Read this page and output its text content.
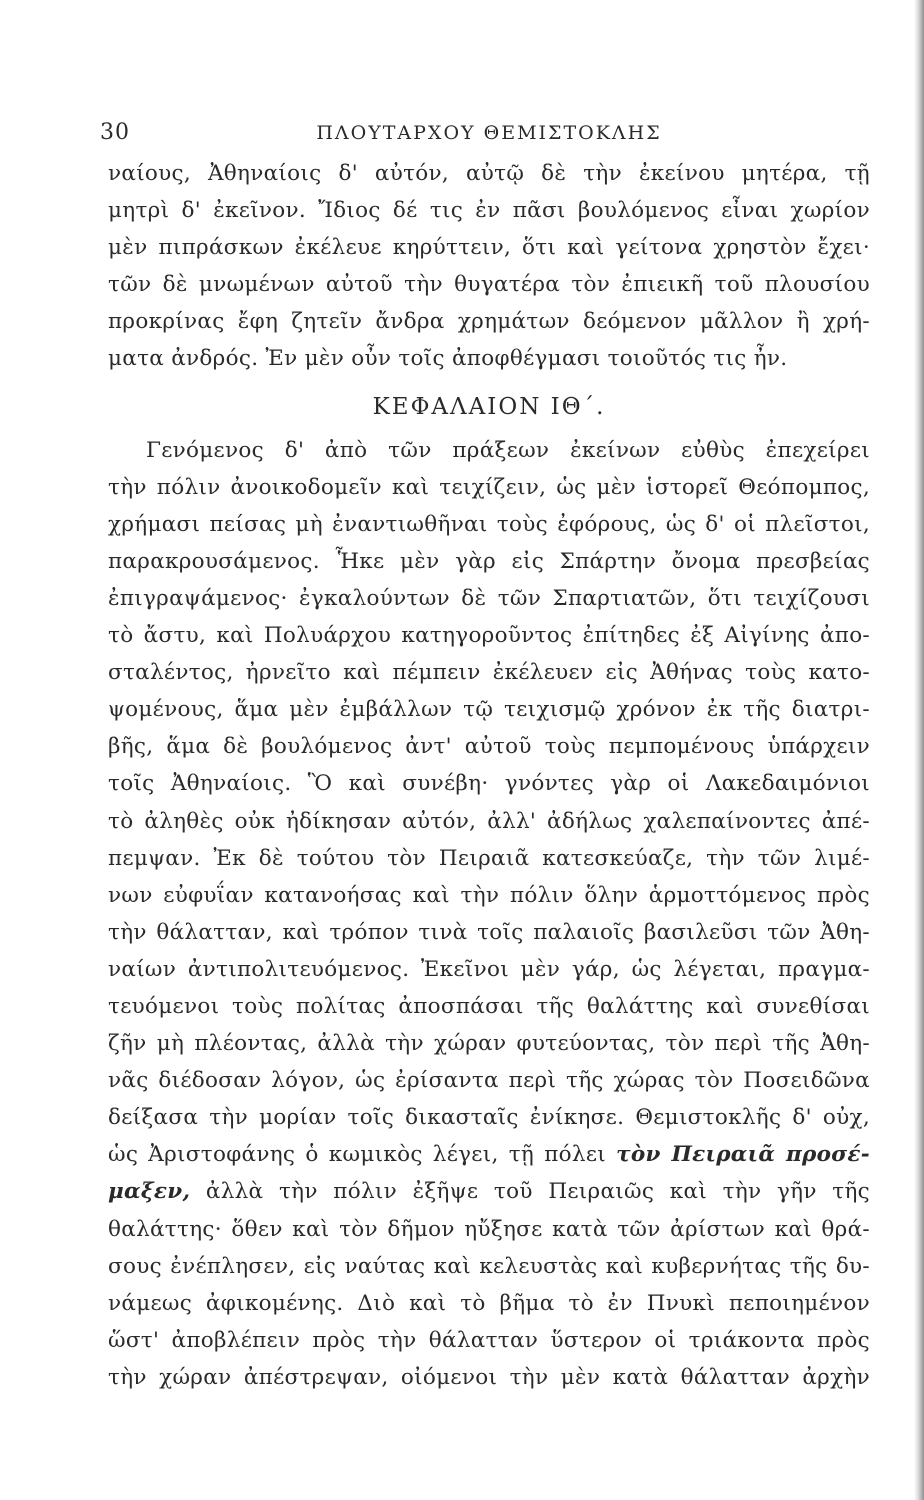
30	ΠΛΟΥΤΑΡΧΟΥ ΘΕΜΙΣΤΟΚΛΗΣ
ναίους, Ἀθηναίοις δ' αὐτόν, αὐτῷ δὲ τὴν ἐκείνου μητέρα, τῇ
μητρὶ δ' ἐκεῖνον. Ἴδιος δέ τις ἐν πᾶσι βουλόμενος εἶναι χωρίον
μὲν πιπράσκων ἐκέλευε κηρύττειν, ὅτι καὶ γείτονα χρηστὸν ἔχει·
τῶν δὲ μνωμένων αὐτοῦ τὴν θυγατέρα τὸν ἐπιεικῆ τοῦ πλουσίου
προκρίνας ἔφη ζητεῖν ἄνδρα χρημάτων δεόμενον μᾶλλον ἢ χρή-
ματα ἀνδρός. Ἐν μὲν οὖν τοῖς ἀποφθέγμασι τοιοῦτός τις ἦν.
ΚΕΦΑΛΑΙΟΝ ΙΘ΄.
Γενόμενος δ' ἀπὸ τῶν πράξεων ἐκείνων εὐθὺς ἐπεχείρει
τὴν πόλιν ἀνοικοδομεῖν καὶ τειχίζειν, ὡς μὲν ἱστορεῖ Θεόπομπος,
χρήμασι πείσας μὴ ἐναντιωθῆναι τοὺς ἐφόρους, ὡς δ' οἱ πλεῖστοι,
παρακρουσάμενος. Ἧκε μὲν γὰρ εἰς Σπάρτην ὄνομα πρεσβείας
ἐπιγραψάμενος· ἐγκαλούντων δὲ τῶν Σπαρτιατῶν, ὅτι τειχίζουσι
τὸ ἄστυ, καὶ Πολυάρχου κατηγοροῦντος ἐπίτηδες ἐξ Αἰγίνης ἀπο-
σταλέντος, ἠρνεῖτο καὶ πέμπειν ἐκέλευεν εἰς Ἀθήνας τοὺς κατο-
ψομένους, ἅμα μὲν ἐμβάλλων τῷ τειχισμῷ χρόνον ἐκ τῆς διατρι-
βῆς, ἅμα δὲ βουλόμενος ἀντ' αὐτοῦ τοὺς πεμπομένους ὑπάρχειν
τοῖς Ἀθηναίοις. Ὃ καὶ συνέβη· γνόντες γὰρ οἱ Λακεδαιμόνιοι
τὸ ἀληθὲς οὐκ ἠδίκησαν αὐτόν, ἀλλ' ἀδήλως χαλεπαίνοντες ἀπέ-
πεμψαν. Ἐκ δὲ τούτου τὸν Πειραιᾶ κατεσκεύαζε, τὴν τῶν λιμέ-
νων εὐφυΐαν κατανοήσας καὶ τὴν πόλιν ὅλην ἁρμοττόμενος πρὸς
τὴν θάλατταν, καὶ τρόπον τινὰ τοῖς παλαιοῖς βασιλεῦσι τῶν Ἀθη-
ναίων ἀντιπολιτευόμενος. Ἐκεῖνοι μὲν γάρ, ὡς λέγεται, πραγμα-
τευόμενοι τοὺς πολίτας ἀποσπάσαι τῆς θαλάττης καὶ συνεθίσαι
ζῆν μὴ πλέοντας, ἀλλὰ τὴν χώραν φυτεύοντας, τὸν περὶ τῆς Ἀθη-
νᾶς διέδοσαν λόγον, ὡς ἐρίσαντα περὶ τῆς χώρας τὸν Ποσειδῶνα
δείξασα τὴν μορίαν τοῖς δικασταῖς ἐνίκησε. Θεμιστοκλῆς δ' οὐχ,
ὡς Ἀριστοφάνης ὁ κωμικὸς λέγει, τῇ πόλει τὸν Πειραιᾶ προσέ-
μαξεν, ἀλλὰ τὴν πόλιν ἐξῆψε τοῦ Πειραιῶς καὶ τὴν γῆν τῆς
θαλάττης· ὅθεν καὶ τὸν δῆμον ηὔξησε κατὰ τῶν ἀρίστων καὶ θρά-
σους ἐνέπλησεν, εἰς ναύτας καὶ κελευστὰς καὶ κυβερνήτας τῆς δυ-
νάμεως ἀφικομένης. Διὸ καὶ τὸ βῆμα τὸ ἐν Πνυκὶ πεποιημένον
ὥστ' ἀποβλέπειν πρὸς τὴν θάλατταν ὕστερον οἱ τριάκοντα πρὸς
τὴν χώραν ἀπέστρεψαν, οἰόμενοι τὴν μὲν κατὰ θάλατταν ἀρχὴν
